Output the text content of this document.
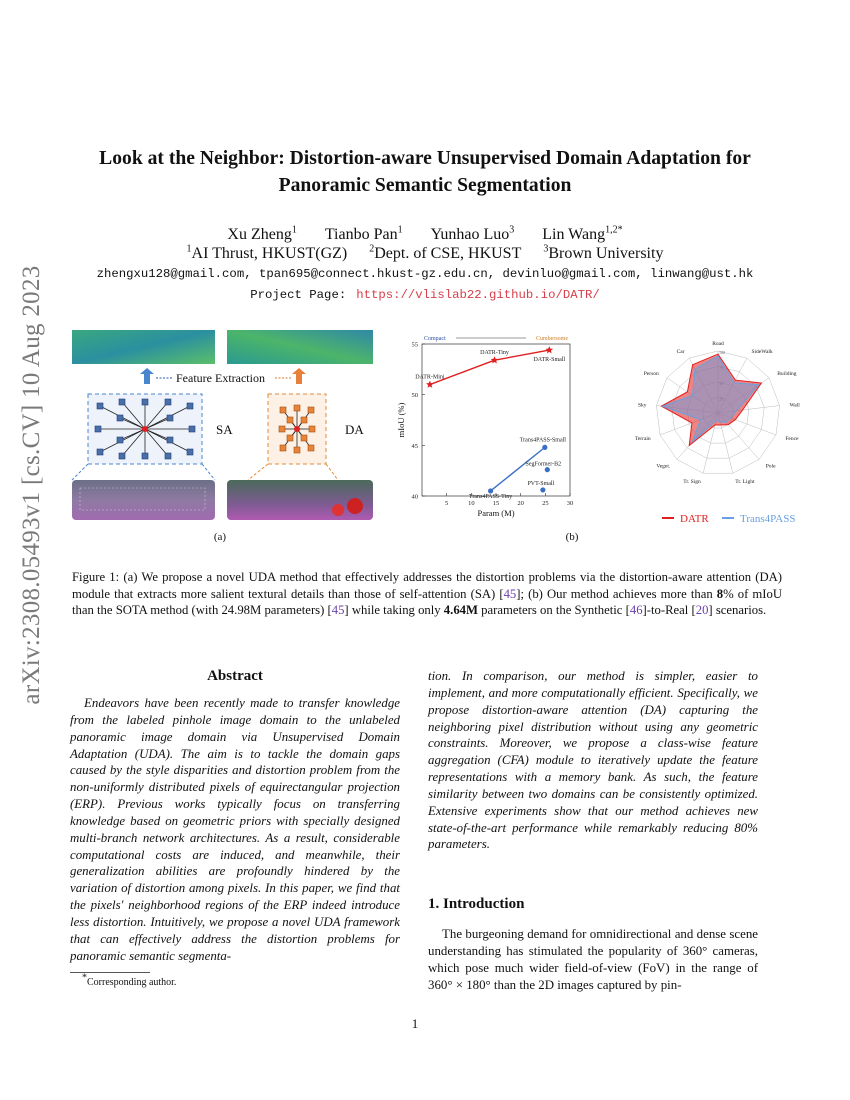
arXiv:2308.05493v1 [cs.CV] 10 Aug 2023
Look at the Neighbor: Distortion-aware Unsupervised Domain Adaptation for
Panoramic Semantic Segmentation
Xu Zheng$^1$ Tianbo Pan$^1$ Yunhao Luo$^3$ Lin Wang$^{1,2*}$
$^1$AI Thrust, HKUST(GZ) $^2$Dept. of CSE, HKUST $^3$Brown University
zhengxu128@gmail.com, tpan695@connect.hkust-gz.edu.cn, devinluo@gmail.com, linwang@ust.hk
Project Page: https://vlislab22.github.io/DATR/
Feature Extraction
SA	DA
(a)
5	10	15	20	25	30
40
45
50
55
Param (M)
mIoU (%)
Compact	Cumbersome
DATR-Mini
DATR-Tiny
DATR-Small
Trans4PASS-Tiny
Trans4PASS-Small
SegFormer-B2
PVT-Small
100
Road
SideWalk
Building
Wall
Fence
Pole
Tr. Light
Tr. Sign
Veget.
Terrain
Sky
Person
Car
DATR	Trans4PASS
(b)
Figure 1: (a) We propose a novel UDA method that effectively addresses the distortion problems via the distortion-aware attention (DA) module that extracts more salient textural details than those of self-attention (SA) [45]; (b) Our method achieves more than 8% of mIoU than the SOTA method (with 24.98M parameters) [45] while taking only 4.64M parameters on the Synthetic [46]-to-Real [20] scenarios.
Abstract
Endeavors have been recently made to transfer knowledge from the labeled pinhole image domain to the unlabeled panoramic image domain via Unsupervised Domain Adaptation (UDA). The aim is to tackle the domain gaps caused by the style disparities and distortion problem from the non-uniformly distributed pixels of equirectangular projection (ERP). Previous works typically focus on transferring knowledge based on geometric priors with specially designed multi-branch network architectures. As a result, considerable computational costs are induced, and meanwhile, their generalization abilities are profoundly hindered by the variation of distortion among pixels. In this paper, we find that the pixels' neighborhood regions of the ERP indeed introduce less distortion. Intuitively, we propose a novel UDA framework that can effectively address the distortion problems for panoramic semantic segmenta-
tion. In comparison, our method is simpler, easier to implement, and more computationally efficient. Specifically, we propose distortion-aware attention (DA) capturing the neighboring pixel distribution without using any geometric constraints. Moreover, we propose a class-wise feature aggregation (CFA) module to iteratively update the feature representations with a memory bank. As such, the feature similarity between two domains can be consistently optimized. Extensive experiments show that our method achieves new state-of-the-art performance while remarkably reducing 80% parameters.
*Corresponding author.
1. Introduction
The burgeoning demand for omnidirectional and dense scene understanding has stimulated the popularity of 360° cameras, which pose much wider field-of-view (FoV) in the range of 360° × 180° than the 2D images captured by pin-
1
